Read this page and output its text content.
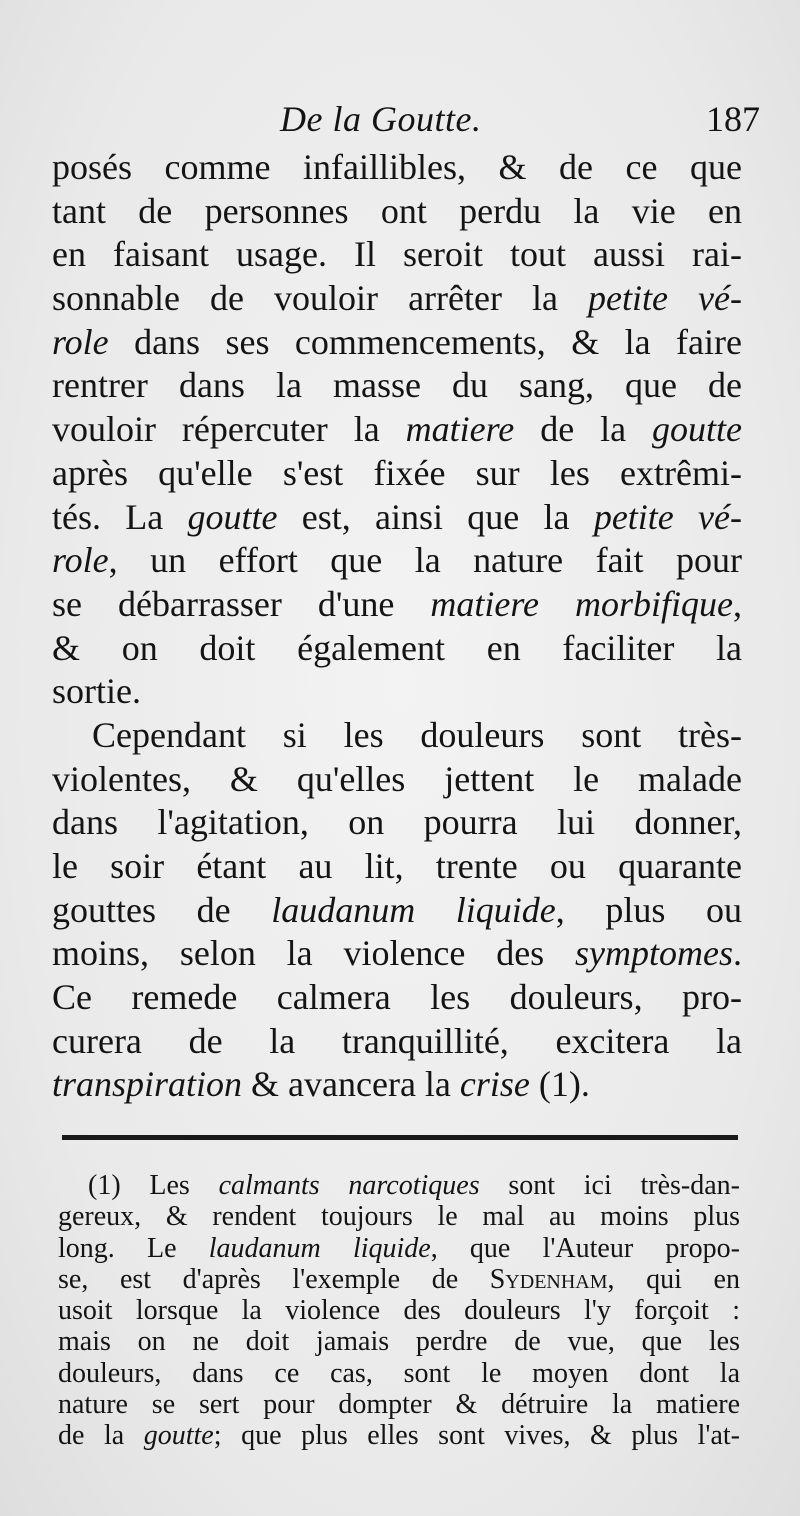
De la Goutte.	187
posés comme infaillibles, & de ce que
tant de personnes ont perdu la vie en
en faisant usage. Il seroit tout aussi rai-
sonnable de vouloir arrêter la petite vé-
role dans ses commencements, & la faire
rentrer dans la masse du sang, que de
vouloir répercuter la matiere de la goutte
après qu'elle s'est fixée sur les extrêmi-
tés. La goutte est, ainsi que la petite vé-
role, un effort que la nature fait pour
se débarrasser d'une matiere morbifique,
& on doit également en faciliter la
sortie.
Cependant si les douleurs sont très-
violentes, & qu'elles jettent le malade
dans l'agitation, on pourra lui donner,
le soir étant au lit, trente ou quarante
gouttes de laudanum liquide, plus ou
moins, selon la violence des symptomes.
Ce remede calmera les douleurs, pro-
curera de la tranquillité, excitera la
transpiration & avancera la crise (1).
(1) Les calmants narcotiques sont ici très-dan-
gereux, & rendent toujours le mal au moins plus
long. Le laudanum liquide, que l'Auteur propo-
se, est d'après l'exemple de Sydenham, qui en
usoit lorsque la violence des douleurs l'y forçoit :
mais on ne doit jamais perdre de vue, que les
douleurs, dans ce cas, sont le moyen dont la
nature se sert pour dompter & détruire la matiere
de la goutte; que plus elles sont vives, & plus l'at-
